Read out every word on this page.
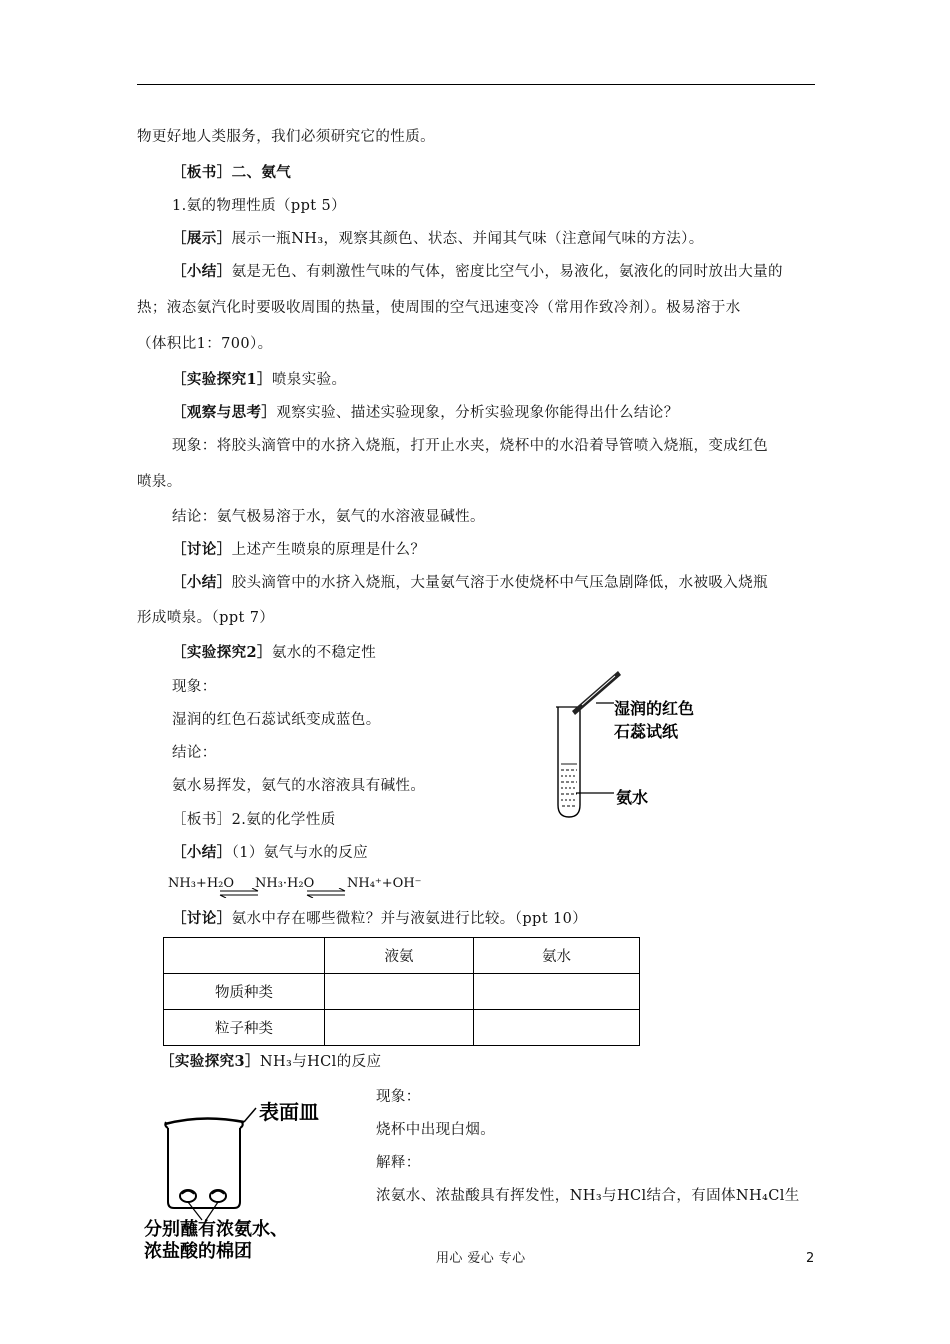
物更好地人类服务，我们必须研究它的性质。
［板书］二、氨气
1.氨的物理性质（ppt 5）
［展示］展示一瓶NH₃，观察其颜色、状态、并闻其气味（注意闻气味的方法）。
［小结］氨是无色、有刺激性气味的气体，密度比空气小，易液化，氨液化的同时放出大量的
热；液态氨汽化时要吸收周围的热量，使周围的空气迅速变冷（常用作致冷剂）。极易溶于水
（体积比1：700）。
［实验探究1］喷泉实验。
［观察与思考］观察实验、描述实验现象，分析实验现象你能得出什么结论？
现象：将胶头滴管中的水挤入烧瓶，打开止水夹，烧杯中的水沿着导管喷入烧瓶，变成红色
喷泉。
结论：氨气极易溶于水，氨气的水溶液显碱性。
［讨论］上述产生喷泉的原理是什么？
［小结］胶头滴管中的水挤入烧瓶，大量氨气溶于水使烧杯中气压急剧降低，水被吸入烧瓶
形成喷泉。（ppt 7）
［实验探究2］氨水的不稳定性
现象：
湿润的红色石蕊试纸变成蓝色。
结论：
氨水易挥发，氨气的水溶液具有碱性。
［板书］2.氨的化学性质
［小结］（1）氨气与水的反应
NH₃+H₂O NH₃·H₂O	NH₄⁺+OH⁻
［讨论］氨水中存在哪些微粒？并与液氨进行比较。（ppt 10）
	液氨	氨水
物质种类		
粒子种类		
［实验探究3］NH₃与HCl的反应
现象：
烧杯中出现白烟。
解释：
浓氨水、浓盐酸具有挥发性，NH₃与HCl结合，有固体NH₄Cl生
湿润的红色
石蕊试纸
氨水
表面皿
分别蘸有浓氨水、
浓盐酸的棉团	用心 爱心 专心	2
